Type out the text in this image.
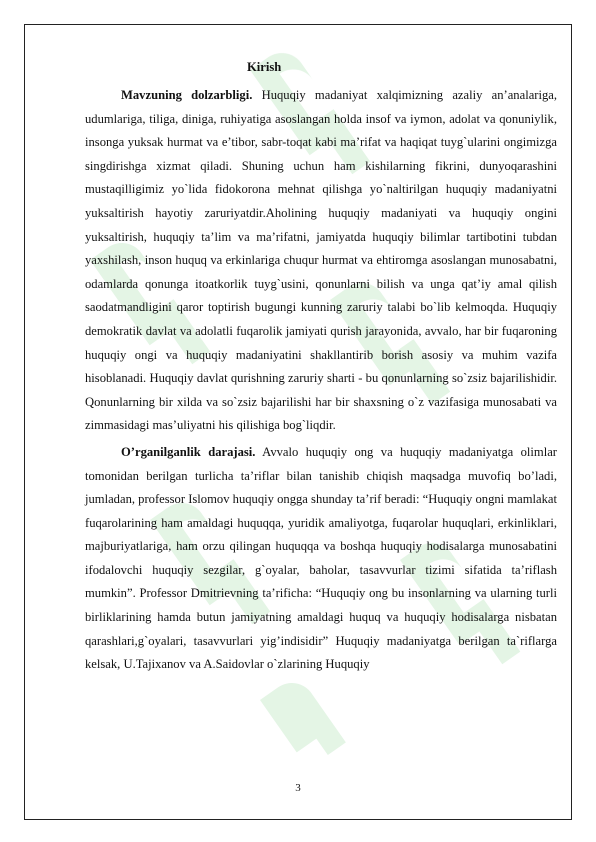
Kirish

Mavzuning dolzarbligi. Huquqiy madaniyat xalqimizning azaliy an’analariga, udumlariga, tiliga, diniga, ruhiyatiga asoslangan holda insof va iymon, adolat va qonuniylik, insonga yuksak hurmat va e’tibor, sabr-toqat kabi ma’rifat va haqiqat tuyg`ularini ongimizga singdirishga xizmat qiladi. Shuning uchun ham kishilarning fikrini, dunyoqarashini mustaqilligimiz yo`lida fidokorona mehnat qilishga yo`naltirilgan huquqiy madaniyatni yuksaltirish hayotiy zaruriyatdir.Aholining huquqiy madaniyati va huquqiy ongini yuksaltirish, huquqiy ta’lim va ma’rifatni, jamiyatda huquqiy bilimlar tartibotini tubdan yaxshilash, inson huquq va erkinlariga chuqur hurmat va ehtiromga asoslangan munosabatni, odamlarda qonunga itoatkorlik tuyg`usini, qonunlarni bilish va unga qat’iy amal qilish saodatmandligini qaror toptirish bugungi kunning zaruriy talabi bo`lib kelmoqda. Huquqiy demokratik davlat va adolatli fuqarolik jamiyati qurish jarayonida, avvalo, har bir fuqaroning huquqiy ongi va huquqiy madaniyatini shakllantirib borish asosiy va muhim vazifa hisoblanadi. Huquqiy davlat qurishning zaruriy sharti - bu qonunlarning so`zsiz bajarilishidir. Qonunlarning bir xilda va so`zsiz bajarilishi har bir shaxsning o`z vazifasiga munosabati va zimmasidagi mas’uliyatni his qilishiga bog`liqdir.

O’rganilganlik darajasi. Avvalo huquqiy ong va huquqiy madaniyatga olimlar tomonidan berilgan turlicha ta’riflar bilan tanishib chiqish maqsadga muvofiq bo’ladi, jumladan, professor Islomov huquqiy ongga shunday ta’rif beradi: “Huquqiy ongni mamlakat fuqarolarining ham amaldagi huquqqa, yuridik amaliyotga, fuqarolar huquqlari, erkinliklari, majburiyatlariga, ham orzu qilingan huquqqa va boshqa huquqiy hodisalarga munosabatini ifodalovchi huquqiy sezgilar, g`oyalar, baholar, tasavvurlar tizimi sifatida ta’riflash mumkin”. Professor Dmitrievning ta’rificha: “Huquqiy ong bu insonlarning va ularning turli birliklarining hamda butun jamiyatning amaldagi huquq va huquqiy hodisalarga nisbatan qarashlari,g`oyalari, tasavvurlari yig’indisidir” Huquqiy madaniyatga berilgan ta`riflarga kelsak, U.Tajixanov va A.Saidovlar o`zlarining Huquqiy

3
